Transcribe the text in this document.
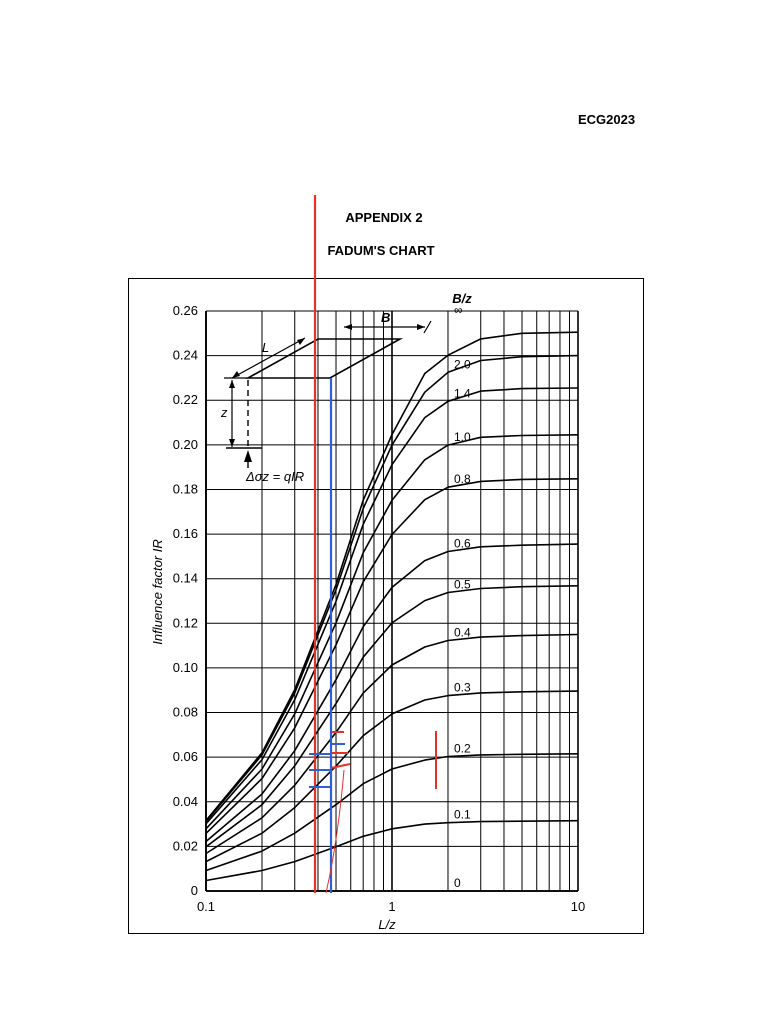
ECG2023
APPENDIX 2
FADUM'S CHART
0
0.02
0.04
0.06
0.08
0.10
0.12
0.14
0.16
0.18
0.20
0.22
0.24
0.26
0.1	1	10
∞
2.0
1.4
1.0
0.8
0.6
0.5
0.4
0.3
0.2
0.1
0
L
B
z
Δσz = qIR
Influence factor IR
L/z
B/z
